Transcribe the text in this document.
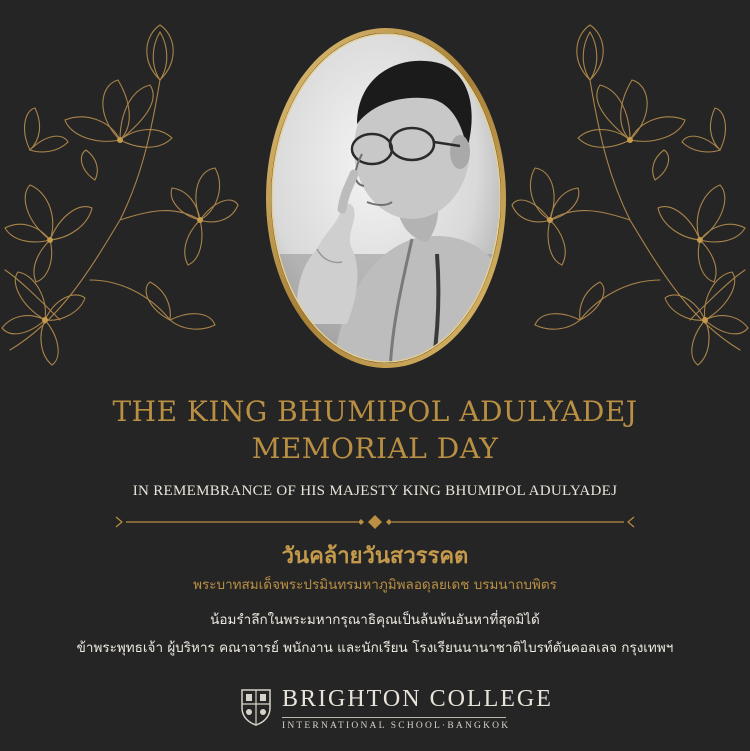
THE KING BHUMIPOL ADULYADEJ
MEMORIAL DAY
IN REMEMBRANCE OF HIS MAJESTY KING BHUMIPOL ADULYADEJ
วันคล้ายวันสวรรคต
พระบาทสมเด็จพระปรมินทรมหาภูมิพลอดุลยเดช บรมนาถบพิตร
น้อมรำลึกในพระมหากรุณาธิคุณเป็นล้นพ้นอันหาที่สุดมิได้
ข้าพระพุทธเจ้า ผู้บริหาร คณาจารย์ พนักงาน และนักเรียน โรงเรียนนานาชาติไบรท์ตันคอลเลจ กรุงเทพฯ
BRIGHTON COLLEGE
INTERNATIONAL SCHOOL·BANGKOK
